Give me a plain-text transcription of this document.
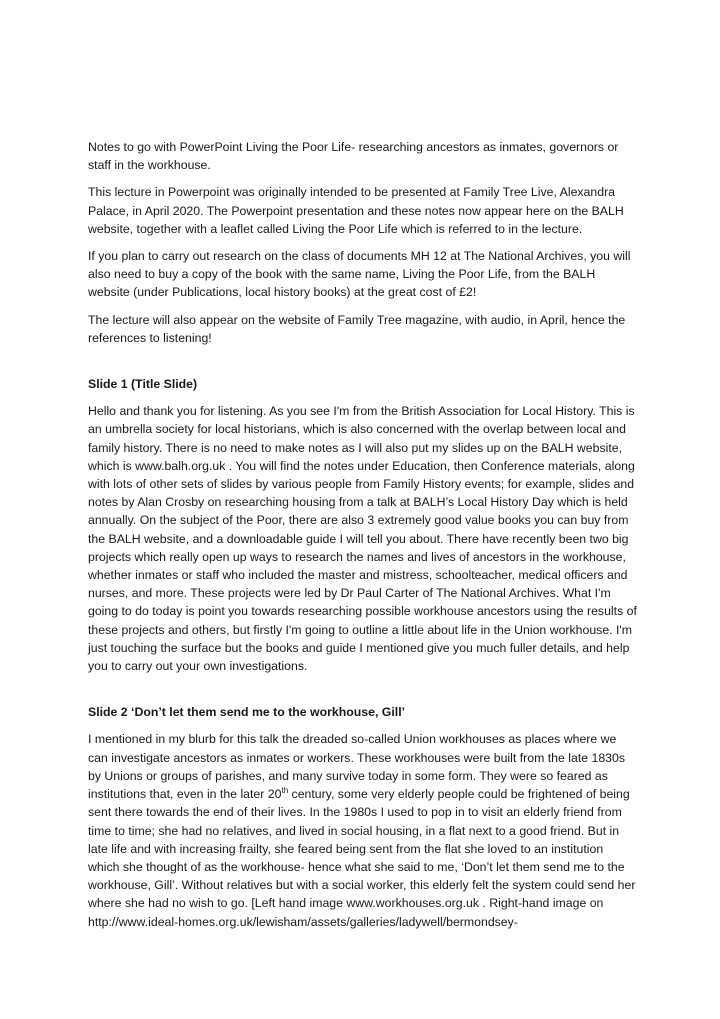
Notes to go with PowerPoint Living the Poor Life- researching ancestors as inmates, governors or staff in the workhouse.

This lecture in Powerpoint was originally intended to be presented at Family Tree Live, Alexandra Palace, in April 2020. The Powerpoint presentation and these notes now appear here on the BALH website, together with a leaflet called Living the Poor Life which is referred to in the lecture.

If you plan to carry out research on the class of documents MH 12 at The National Archives, you will also need to buy a copy of the book with the same name, Living the Poor Life, from the BALH website (under Publications, local history books) at the great cost of £2!

The lecture will also appear on the website of Family Tree magazine, with audio, in April, hence the references to listening!

Slide 1 (Title Slide)

Hello and thank you for listening. As you see I'm from the British Association for Local History. This is an umbrella society for local historians, which is also concerned with the overlap between local and family history. There is no need to make notes as I will also put my slides up on the BALH website, which is www.balh.org.uk . You will find the notes under Education, then Conference materials, along with lots of other sets of slides by various people from Family History events; for example, slides and notes by Alan Crosby on researching housing from a talk at BALH’s Local History Day which is held annually. On the subject of the Poor, there are also 3 extremely good value books you can buy from the BALH website, and a downloadable guide I will tell you about. There have recently been two big projects which really open up ways to research the names and lives of ancestors in the workhouse, whether inmates or staff who included the master and mistress, schoolteacher, medical officers and nurses, and more. These projects were led by Dr Paul Carter of The National Archives. What I'm going to do today is point you towards researching possible workhouse ancestors using the results of these projects and others, but firstly I'm going to outline a little about life in the Union workhouse. I'm just touching the surface but the books and guide I mentioned give you much fuller details, and help you to carry out your own investigations.

Slide 2 ‘Don’t let them send me to the workhouse, Gill’

I mentioned in my blurb for this talk the dreaded so-called Union workhouses as places where we can investigate ancestors as inmates or workers. These workhouses were built from the late 1830s by Unions or groups of parishes, and many survive today in some form. They were so feared as institutions that, even in the later 20th century, some very elderly people could be frightened of being sent there towards the end of their lives. In the 1980s I used to pop in to visit an elderly friend from time to time; she had no relatives, and lived in social housing, in a flat next to a good friend. But in late life and with increasing frailty, she feared being sent from the flat she loved to an institution which she thought of as the workhouse- hence what she said to me, ‘Don’t let them send me to the workhouse, Gill’. Without relatives but with a social worker, this elderly felt the system could send her where she had no wish to go. [Left hand image www.workhouses.org.uk . Right-hand image on http://www.ideal-homes.org.uk/lewisham/assets/galleries/ladywell/bermondsey-
